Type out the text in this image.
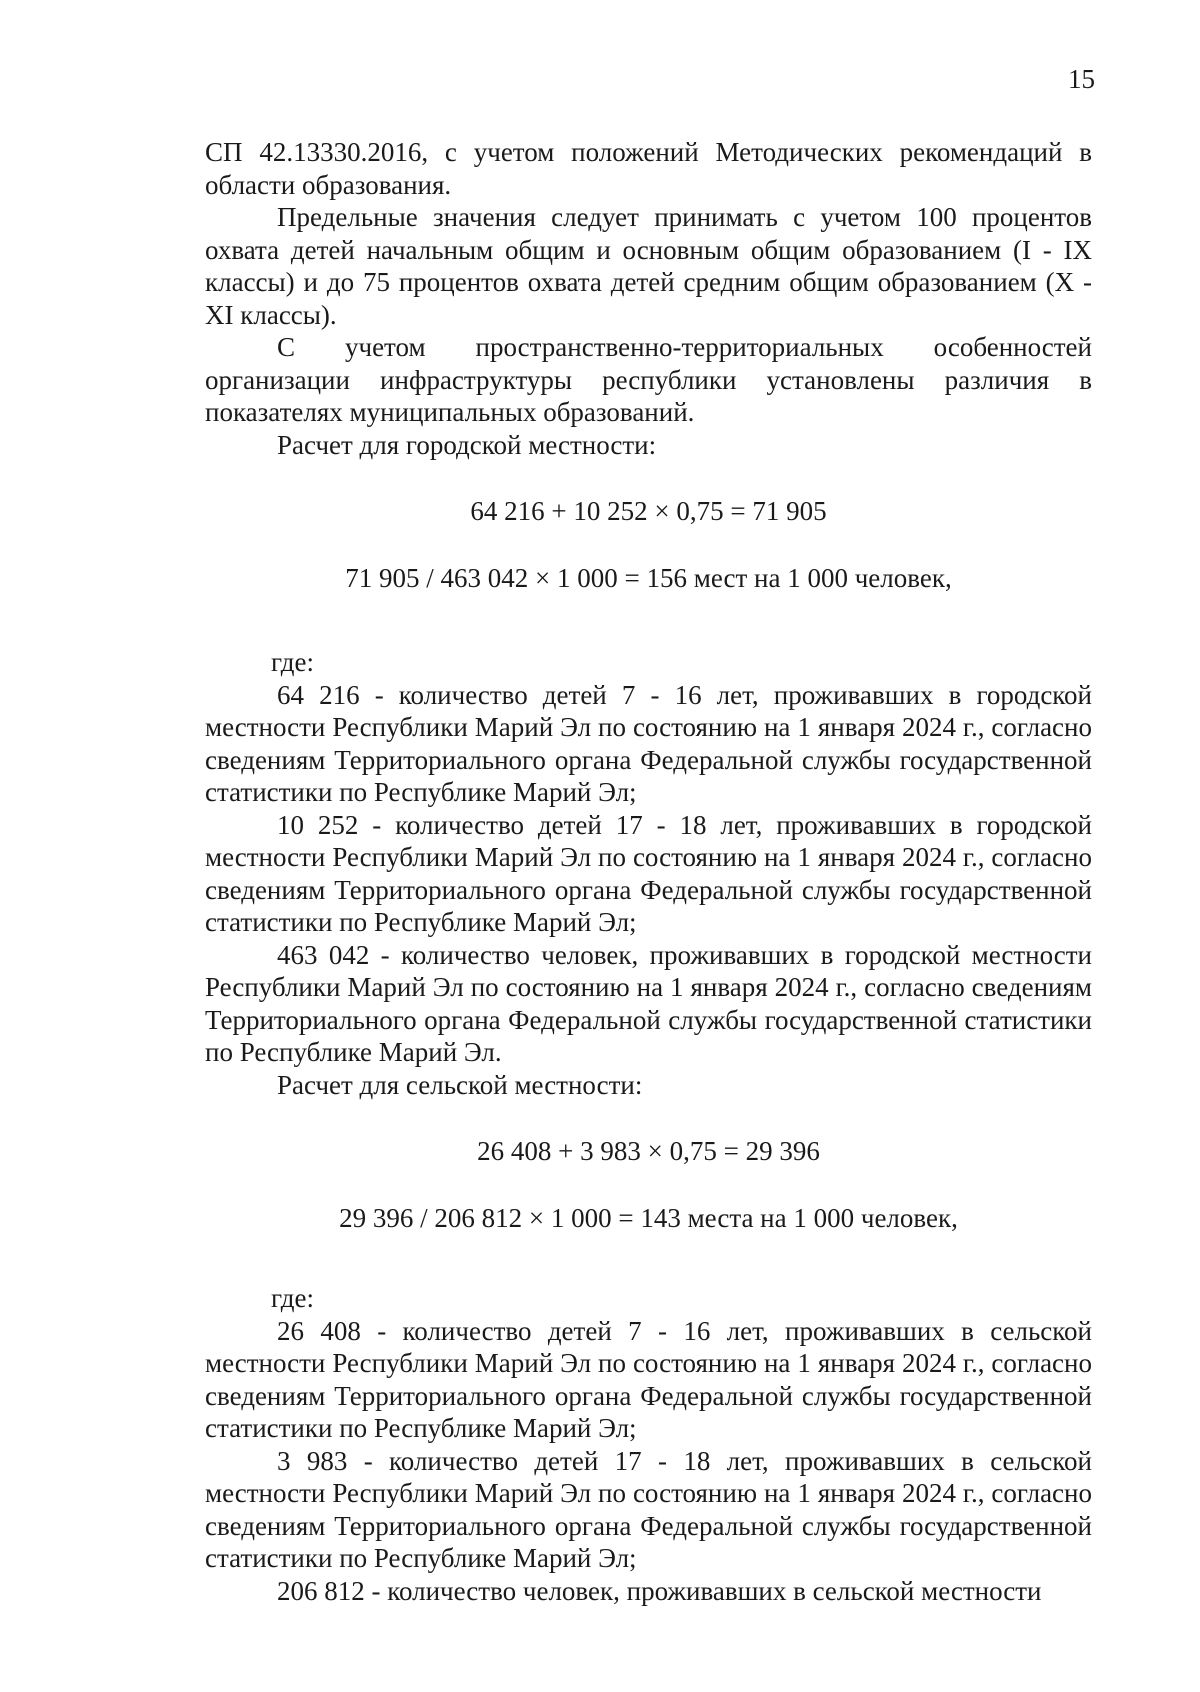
15

СП 42.13330.2016, с учетом положений Методических рекомендаций в области образования.

Предельные значения следует принимать с учетом 100 процентов охвата детей начальным общим и основным общим образованием (I - IX классы) и до 75 процентов охвата детей средним общим образованием (X - XI классы).

С учетом пространственно-территориальных особенностей организации инфраструктуры республики установлены различия в показателях муниципальных образований.

Расчет для городской местности:

64 216 + 10 252 × 0,75 = 71 905

71 905 / 463 042 × 1 000 = 156 мест на 1 000 человек,

где:

64 216 - количество детей 7 - 16 лет, проживавших в городской местности Республики Марий Эл по состоянию на 1 января 2024 г., согласно сведениям Территориального органа Федеральной службы государственной статистики по Республике Марий Эл;

10 252 - количество детей 17 - 18 лет, проживавших в городской местности Республики Марий Эл по состоянию на 1 января 2024 г., согласно сведениям Территориального органа Федеральной службы государственной статистики по Республике Марий Эл;

463 042 - количество человек, проживавших в городской местности Республики Марий Эл по состоянию на 1 января 2024 г., согласно сведениям Территориального органа Федеральной службы государственной статистики по Республике Марий Эл.

Расчет для сельской местности:

26 408 + 3 983 × 0,75 = 29 396

29 396 / 206 812 × 1 000 = 143 места на 1 000 человек,

где:

26 408 - количество детей 7 - 16 лет, проживавших в сельской местности Республики Марий Эл по состоянию на 1 января 2024 г., согласно сведениям Территориального органа Федеральной службы государственной статистики по Республике Марий Эл;

3 983 - количество детей 17 - 18 лет, проживавших в сельской местности Республики Марий Эл по состоянию на 1 января 2024 г., согласно сведениям Территориального органа Федеральной службы государственной статистики по Республике Марий Эл;

206 812 - количество человек, проживавших в сельской местности
